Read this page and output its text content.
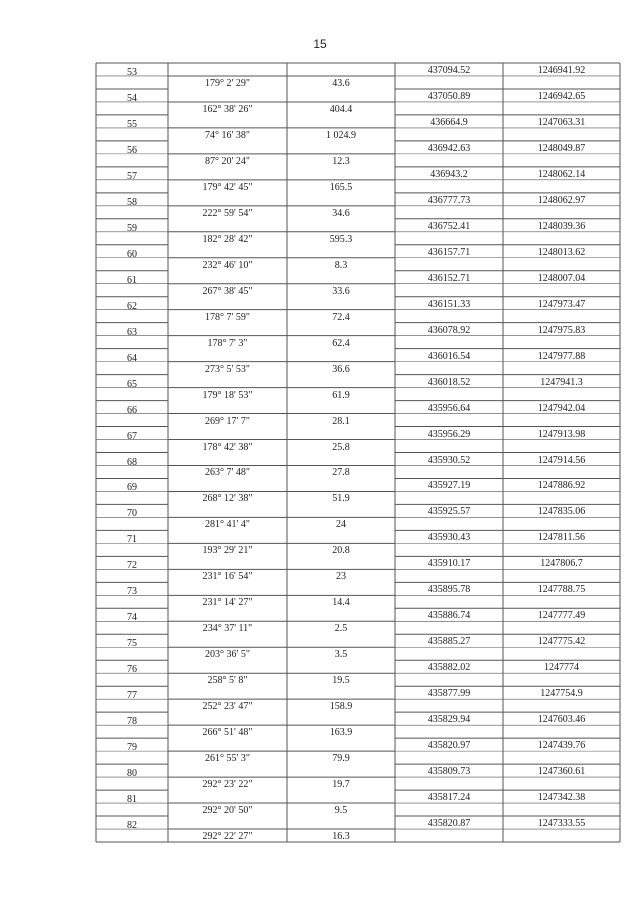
15
53	437094.52	1246941.92
179° 2' 29"	43.6
54	437050.89	1246942.65
162° 38' 26"	404.4
55	436664.9	1247063.31
74° 16' 38"	1 024.9
56	436942.63	1248049.87
87° 20' 24"	12.3
57	436943.2	1248062.14
179° 42' 45"	165.5
58	436777.73	1248062.97
222° 59' 54"	34.6
59	436752.41	1248039.36
182° 28' 42"	595.3
60	436157.71	1248013.62
232° 46' 10"	8.3
61	436152.71	1248007.04
267° 38' 45"	33.6
62	436151.33	1247973.47
178° 7' 59"	72.4
63	436078.92	1247975.83
178° 7' 3"	62.4
64	436016.54	1247977.88
273° 5' 53"	36.6
65	436018.52	1247941.3
179° 18' 53"	61.9
66	435956.64	1247942.04
269° 17' 7"	28.1
67	435956.29	1247913.98
178° 42' 38"	25.8
68	435930.52	1247914.56
263° 7' 48"	27.8
69	435927.19	1247886.92
268° 12' 38"	51.9
70	435925.57	1247835.06
281° 41' 4"	24
71	435930.43	1247811.56
193° 29' 21"	20.8
72	435910.17	1247806.7
231° 16' 54"	23
73	435895.78	1247788.75
231° 14' 27"	14.4
74	435886.74	1247777.49
234° 37' 11"	2.5
75	435885.27	1247775.42
203° 36' 5"	3.5
76	435882.02	1247774
258° 5' 8"	19.5
77	435877.99	1247754.9
252° 23' 47"	158.9
78	435829.94	1247603.46
266° 51' 48"	163.9
79	435820.97	1247439.76
261° 55' 3"	79.9
80	435809.73	1247360.61
292° 23' 22"	19.7
81	435817.24	1247342.38
292° 20' 50"	9.5
82	435820.87	1247333.55
292° 22' 27"	16.3
